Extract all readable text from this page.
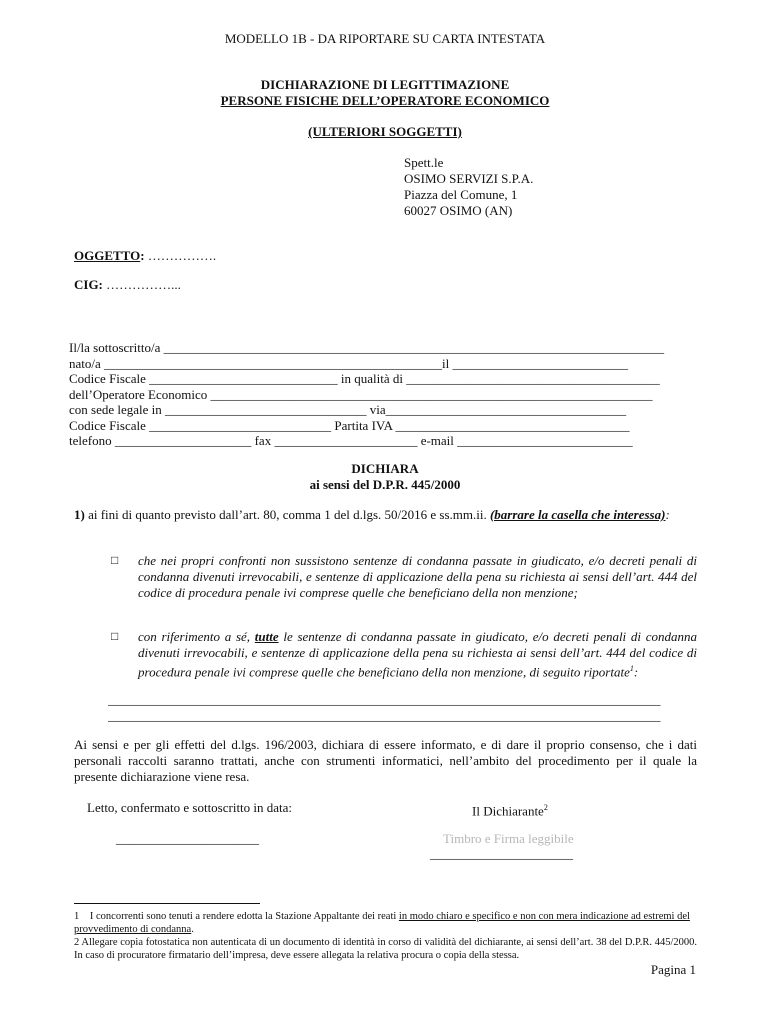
MODELLO 1B - DA RIPORTARE SU CARTA INTESTATA
DICHIARAZIONE DI LEGITTIMAZIONE
PERSONE FISICHE DELL’OPERATORE ECONOMICO
(ULTERIORI SOGGETTI)
Spett.le
OSIMO SERVIZI S.P.A.
Piazza del Comune, 1
60027 OSIMO (AN)
OGGETTO: …………….
CIG: ……………...
Il/la sottoscritto/a _____________________________________________________________________________
nato/a ____________________________________________________il ___________________________
Codice Fiscale _____________________________ in qualità di _______________________________________
dell’Operatore Economico ____________________________________________________________________
con sede legale in _______________________________ via_____________________________________
Codice Fiscale ____________________________ Partita IVA ____________________________________
telefono _____________________ fax ______________________ e-mail ___________________________
DICHIARA
ai sensi del D.P.R. 445/2000
1) ai fini di quanto previsto dall’art. 80, comma 1 del d.lgs. 50/2016 e ss.mm.ii. (barrare la casella che interessa):
□ che nei propri confronti non sussistono sentenze di condanna passate in giudicato, e/o decreti penali di condanna divenuti irrevocabili, e sentenze di applicazione della pena su richiesta ai sensi dell’art. 444 del codice di procedura penale ivi comprese quelle che beneficiano della non menzione;
□ con riferimento a sé, tutte le sentenze di condanna passate in giudicato, e/o decreti penali di condanna divenuti irrevocabili, e sentenze di applicazione della pena su richiesta ai sensi dell’art. 444 del codice di procedura penale ivi comprese quelle che beneficiano della non menzione, di seguito riportate$^1$:
_____________________________________________________________________________________
_____________________________________________________________________________________
Ai sensi e per gli effetti del d.lgs. 196/2003, dichiara di essere informato, e di dare il proprio consenso, che i dati personali raccolti saranno trattati, anche con strumenti informatici, nell’ambito del procedimento per il quale la presente dichiarazione viene resa.
Letto, confermato e sottoscritto in data:
______________________
Il Dichiarante$^2$
Timbro e Firma leggibile
______________________
1 I concorrenti sono tenuti a rendere edotta la Stazione Appaltante dei reati in modo chiaro e specifico e non con mera indicazione ad estremi del provvedimento di condanna.
2 Allegare copia fotostatica non autenticata di un documento di identità in corso di validità del dichiarante, ai sensi dell’art. 38 del D.P.R. 445/2000. In caso di procuratore firmatario dell’impresa, deve essere allegata la relativa procura o copia della stessa.
Pagina 1
